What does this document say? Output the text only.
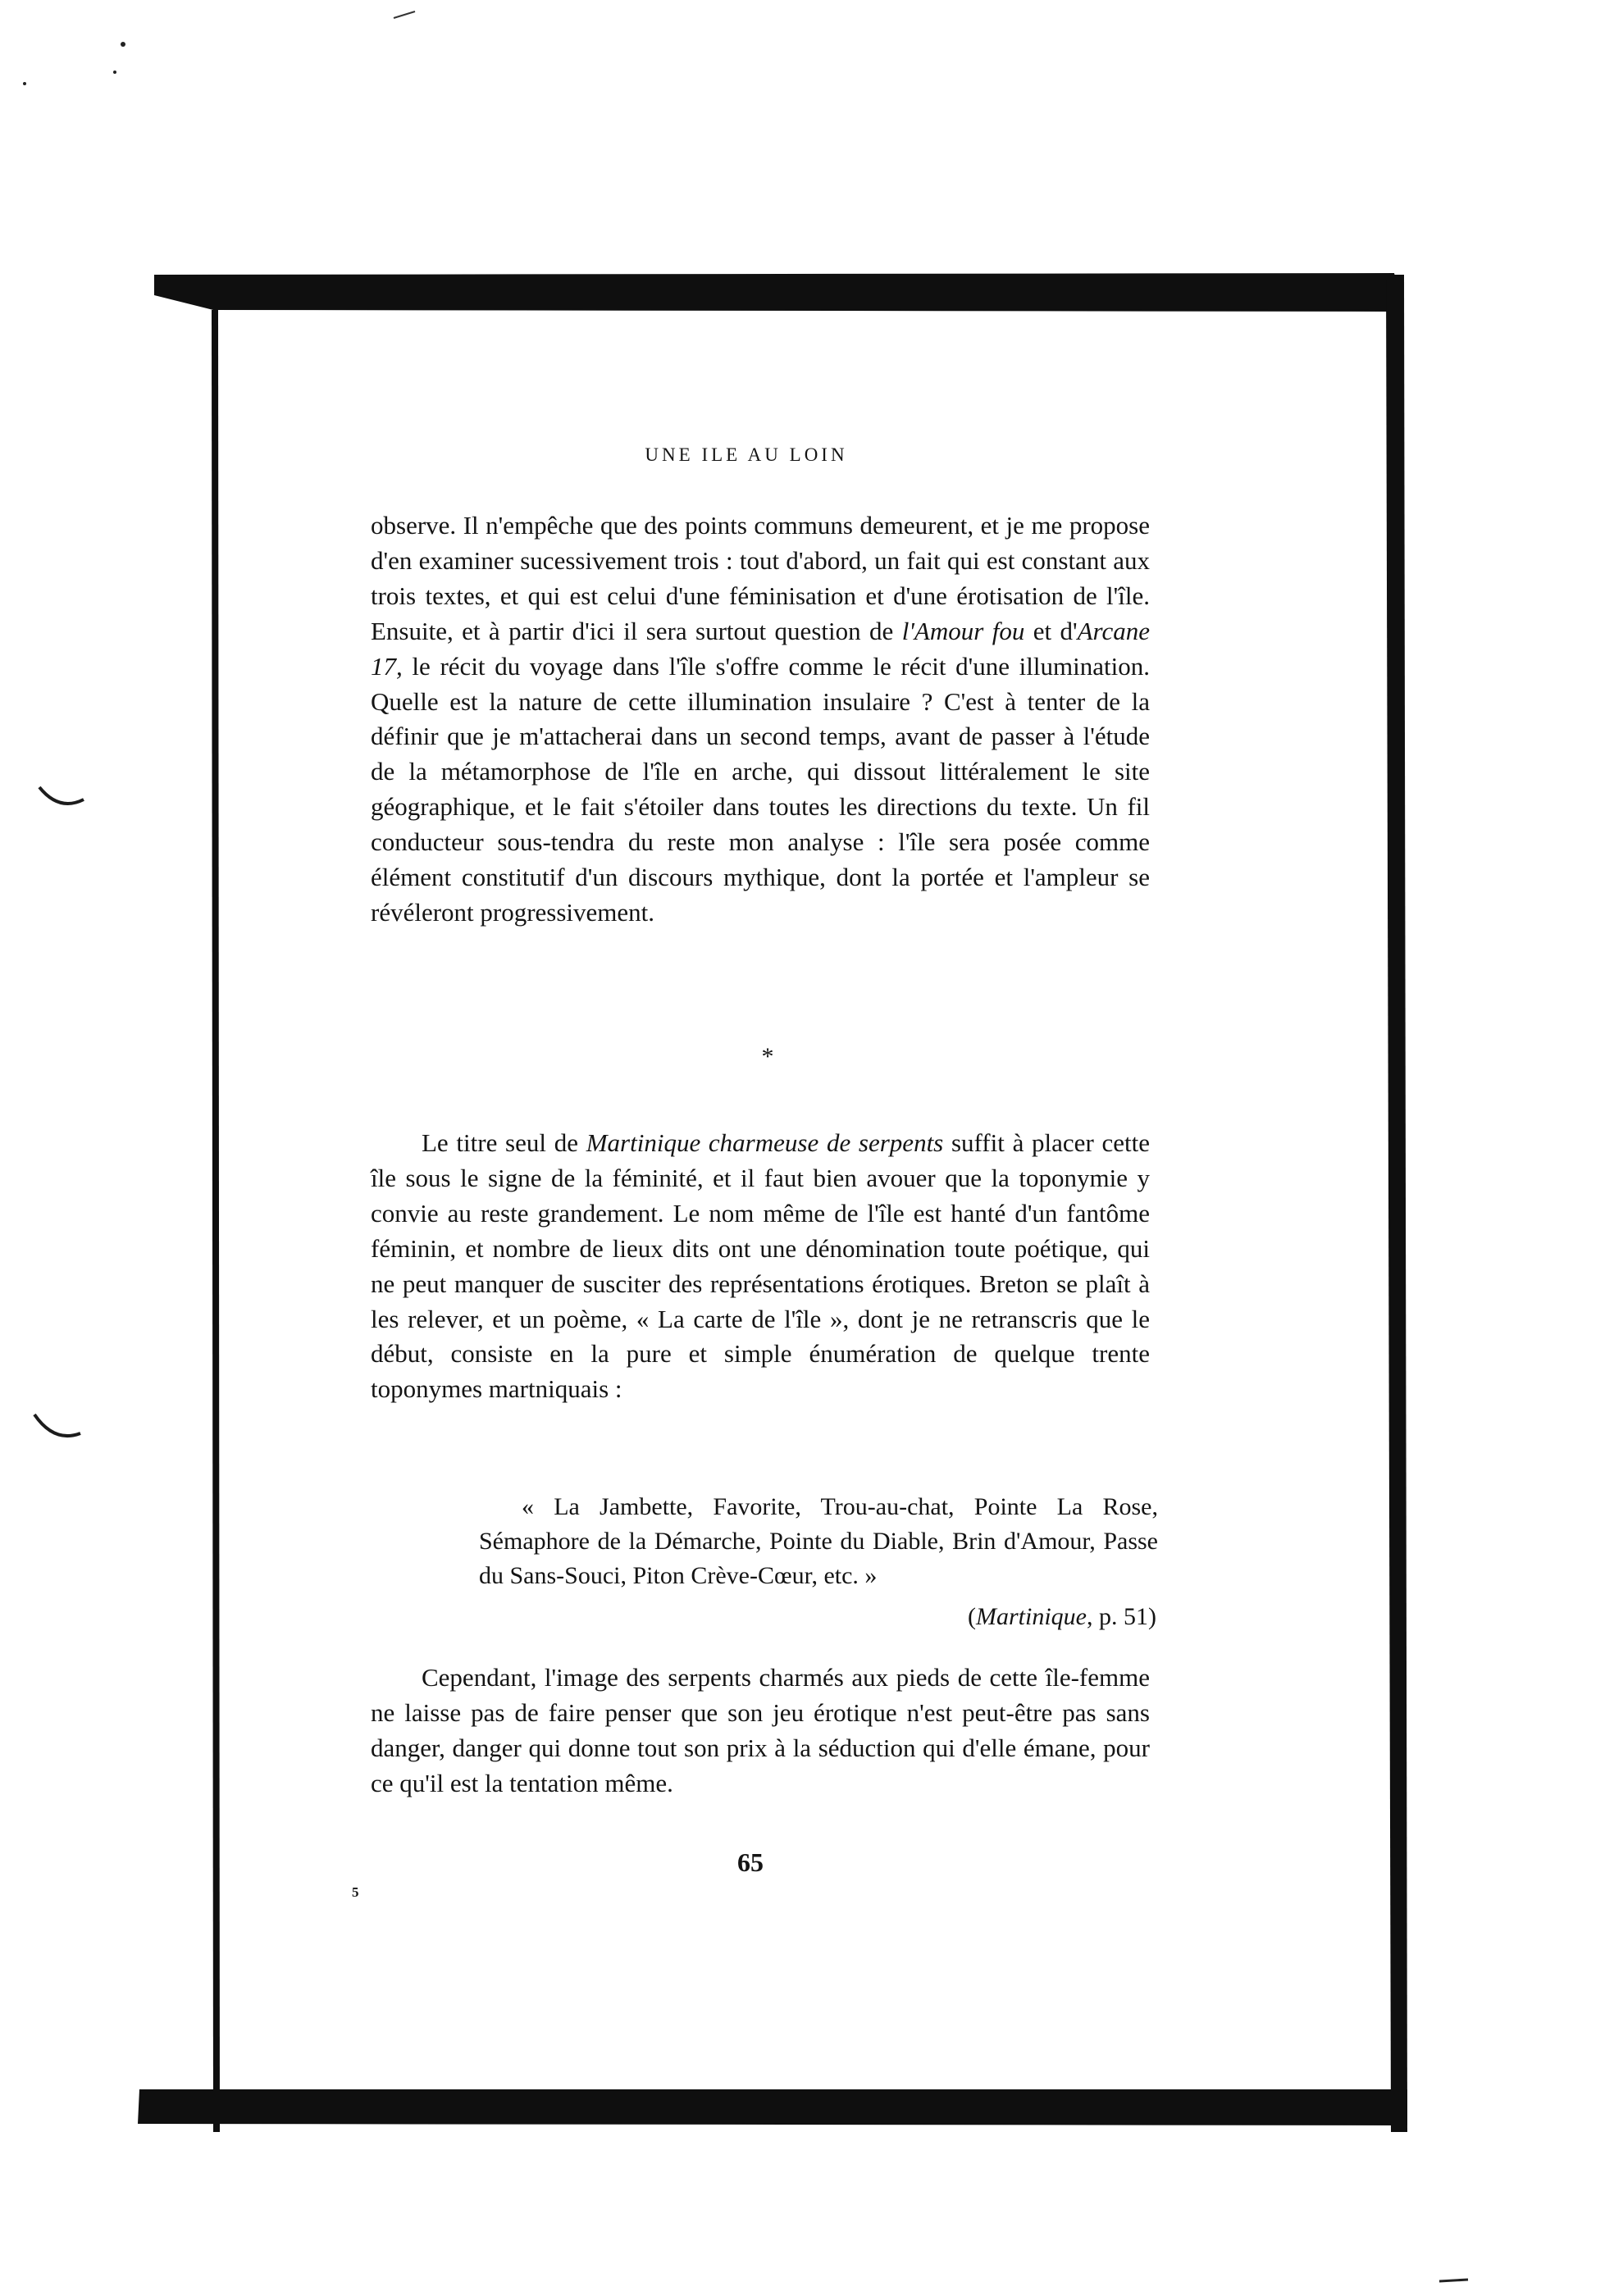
UNE ILE AU LOIN

observe. Il n'empêche que des points communs demeurent, et je me propose d'en examiner sucessivement trois : tout d'abord, un fait qui est constant aux trois textes, et qui est celui d'une féminisation et d'une érotisation de l'île. Ensuite, et à partir d'ici il sera surtout question de l'Amour fou et d'Arcane 17, le récit du voyage dans l'île s'offre comme le récit d'une illumination. Quelle est la nature de cette illumination insulaire ? C'est à tenter de la définir que je m'attacherai dans un second temps, avant de passer à l'étude de la métamorphose de l'île en arche, qui dissout littéralement le site géographique, et le fait s'étoiler dans toutes les directions du texte. Un fil conducteur sous-tendra du reste mon analyse : l'île sera posée comme élément constitutif d'un discours mythique, dont la portée et l'ampleur se révéleront progressivement.

*

Le titre seul de Martinique charmeuse de serpents suffit à placer cette île sous le signe de la féminité, et il faut bien avouer que la toponymie y convie au reste grandement. Le nom même de l'île est hanté d'un fantôme féminin, et nombre de lieux dits ont une dénomination toute poétique, qui ne peut manquer de susciter des représentations érotiques. Breton se plaît à les relever, et un poème, « La carte de l'île », dont je ne retranscris que le début, consiste en la pure et simple énumération de quelque trente toponymes martniquais :

« La Jambette, Favorite, Trou-au-chat, Pointe La Rose, Sémaphore de la Démarche, Pointe du Diable, Brin d'Amour, Passe du Sans-Souci, Piton Crève-Cœur, etc. »
(Martinique, p. 51)

Cependant, l'image des serpents charmés aux pieds de cette île-femme ne laisse pas de faire penser que son jeu érotique n'est peut-être pas sans danger, danger qui donne tout son prix à la séduction qui d'elle émane, pour ce qu'il est la tentation même.

65
5
